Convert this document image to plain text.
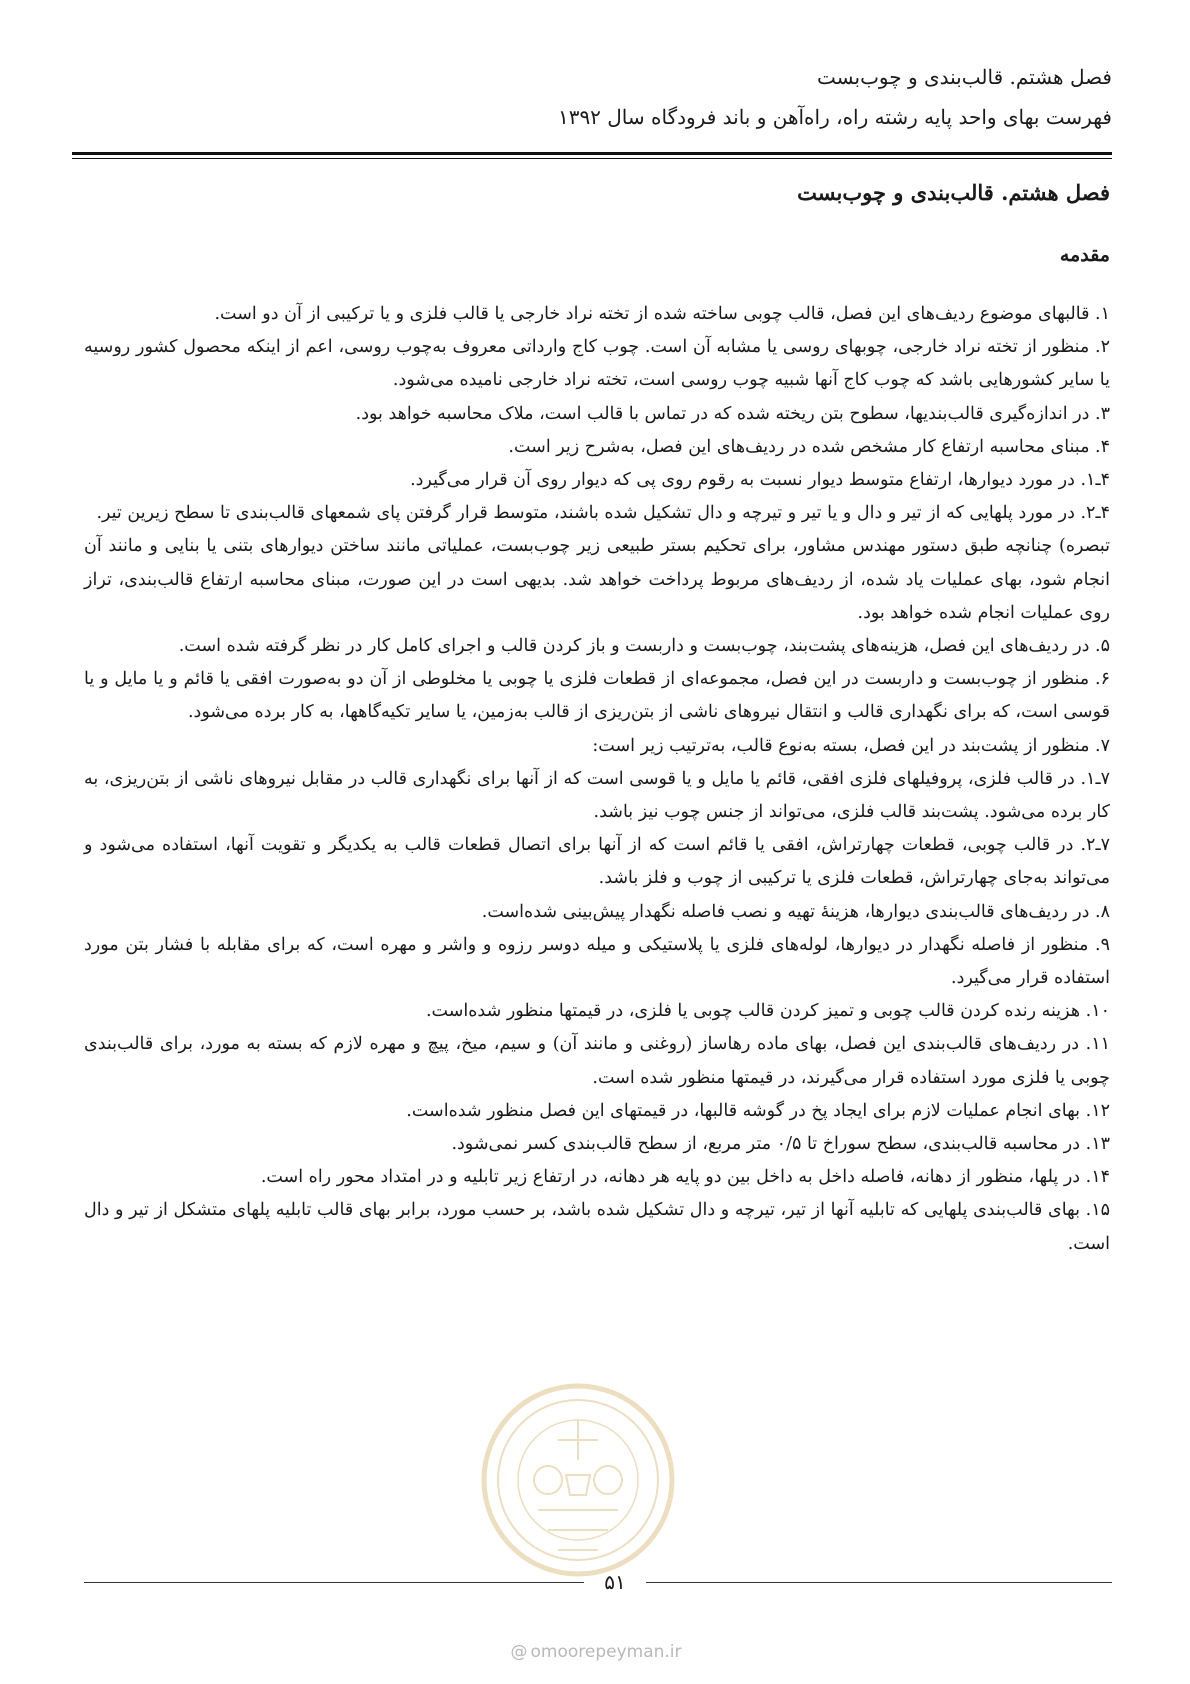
فصل هشتم. قالب‌بندی و چوب‌بست
فهرست بهای واحد پایه رشته راه، راه‌آهن و باند فرودگاه سال ۱۳۹۲
فصل هشتم. قالب‌بندی و چوب‌بست
مقدمه

۱. قالبهای موضوع ردیف‌های این فصل، قالب چوبی ساخته شده از تخته نراد خارجی یا قالب فلزی و یا ترکیبی از آن دو است.

۲. منظور از تخته نراد خارجی، چوبهای روسی یا مشابه آن است. چوب کاج وارداتی معروف به‌چوب روسی، اعم از اینکه محصول کشور روسیه یا سایر کشورهایی باشد که چوب کاج آنها شبیه چوب روسی است، تخته نراد خارجی نامیده می‌شود.

۳. در اندازه‌گیری قالب‌بندیها، سطوح بتن ریخته شده که در تماس با قالب است، ملاک محاسبه خواهد بود.

۴. مبنای محاسبه ارتفاع کار مشخص شده در ردیف‌های این فصل، به‌شرح زیر است.

۴ـ۱. در مورد دیوارها، ارتفاع متوسط دیوار نسبت به رقوم روی پی که دیوار روی آن قرار می‌گیرد.

۴ـ۲. در مورد پلهایی که از تیر و دال و یا تیر و تیرچه و دال تشکیل شده باشند، متوسط قرار گرفتن پای شمعهای قالب‌بندی تا سطح زیرین تیر.

تبصره) چنانچه طبق دستور مهندس مشاور، برای تحکیم بستر طبیعی زیر چوب‌بست، عملیاتی مانند ساختن دیوارهای بتنی یا بنایی و مانند آن انجام شود، بهای عملیات یاد شده، از ردیف‌های مربوط پرداخت خواهد شد. بدیهی است در این صورت، مبنای محاسبه ارتفاع قالب‌بندی، تراز روی عملیات انجام شده خواهد بود.

۵. در ردیف‌های این فصل، هزینه‌های پشت‌بند، چوب‌بست و داربست و باز کردن قالب و اجرای کامل کار در نظر گرفته شده است.

۶. منظور از چوب‌بست و داربست در این فصل، مجموعه‌ای از قطعات فلزی یا چوبی یا مخلوطی از آن دو به‌صورت افقی یا قائم و یا مایل و یا قوسی است، که برای نگهداری قالب و انتقال نیروهای ناشی از بتن‌ریزی از قالب به‌زمین، یا سایر تکیه‌گاهها، به کار برده می‌شود.

۷. منظور از پشت‌بند در این فصل، بسته به‌نوع قالب، به‌ترتیب زیر است:

۷ـ۱. در قالب فلزی، پروفیلهای فلزی افقی، قائم یا مایل و یا قوسی است که از آنها برای نگهداری قالب در مقابل نیروهای ناشی از بتن‌ریزی، به کار برده می‌شود. پشت‌بند قالب فلزی، می‌تواند از جنس چوب نیز باشد.

۷ـ۲. در قالب چوبی، قطعات چهارتراش، افقی یا قائم است که از آنها برای اتصال قطعات قالب به یکدیگر و تقویت آنها، استفاده می‌شود و می‌تواند به‌جای چهارتراش، قطعات فلزی یا ترکیبی از چوب و فلز باشد.

۸. در ردیف‌های قالب‌بندی دیوارها، هزینهٔ تهیه و نصب فاصله نگهدار پیش‌بینی شده‌است.

۹. منظور از فاصله نگهدار در دیوارها، لوله‌های فلزی یا پلاستیکی و میله دوسر رزوه و واشر و مهره است، که برای مقابله با فشار بتن مورد استفاده قرار می‌گیرد.

۱۰. هزینه رنده کردن قالب چوبی و تمیز کردن قالب چوبی یا فلزی، در قیمتها منظور شده‌است.

۱۱. در ردیف‌های قالب‌بندی این فصل، بهای ماده رهاساز (روغنی و مانند آن) و سیم، میخ، پیچ و مهره لازم که بسته به مورد، برای قالب‌بندی چوبی یا فلزی مورد استفاده قرار می‌گیرند، در قیمتها منظور شده است.

۱۲. بهای انجام عملیات لازم برای ایجاد پخ در گوشه قالبها، در قیمتهای این فصل منظور شده‌است.

۱۳. در محاسبه قالب‌بندی، سطح سوراخ تا ۰/۵ متر مربع، از سطح قالب‌بندی کسر نمی‌شود.

۱۴. در پلها، منظور از دهانه، فاصله داخل به داخل بین دو پایه هر دهانه، در ارتفاع زیر تابلیه و در امتداد محور راه است.

۱۵. بهای قالب‌بندی پلهایی که تابلیه آنها از تیر، تیرچه و دال تشکیل شده باشد، بر حسب مورد، برابر بهای قالب تابلیه پلهای متشکل از تیر و دال است.

۵۱
@ omoorepeyman.ir
